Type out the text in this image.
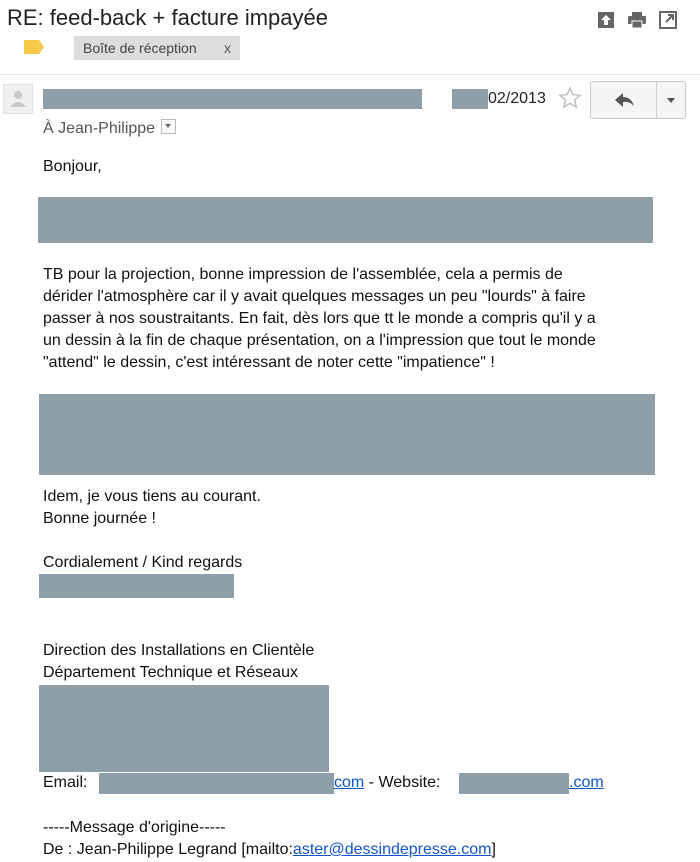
RE: feed-back + facture impayée
Boîte de réception x
02/2013
À Jean-Philippe
Bonjour,
TB pour la projection, bonne impression de l'assemblée, cela a permis de
dérider l'atmosphère car il y avait quelques messages un peu "lourds" à faire
passer à nos soustraitants. En fait, dès lors que tt le monde a compris qu'il y a
un dessin à la fin de chaque présentation, on a l'impression que tout le monde
"attend" le dessin, c'est intéressant de noter cette "impatience" !
Idem, je vous tiens au courant.
Bonne journée !
Cordialement / Kind regards
Direction des Installations en Clientèle
Département Technique et Réseaux
Email:	com - Website:	.com
-----Message d'origine-----
De : Jean-Philippe Legrand [mailto:aster@dessindepresse.com]
